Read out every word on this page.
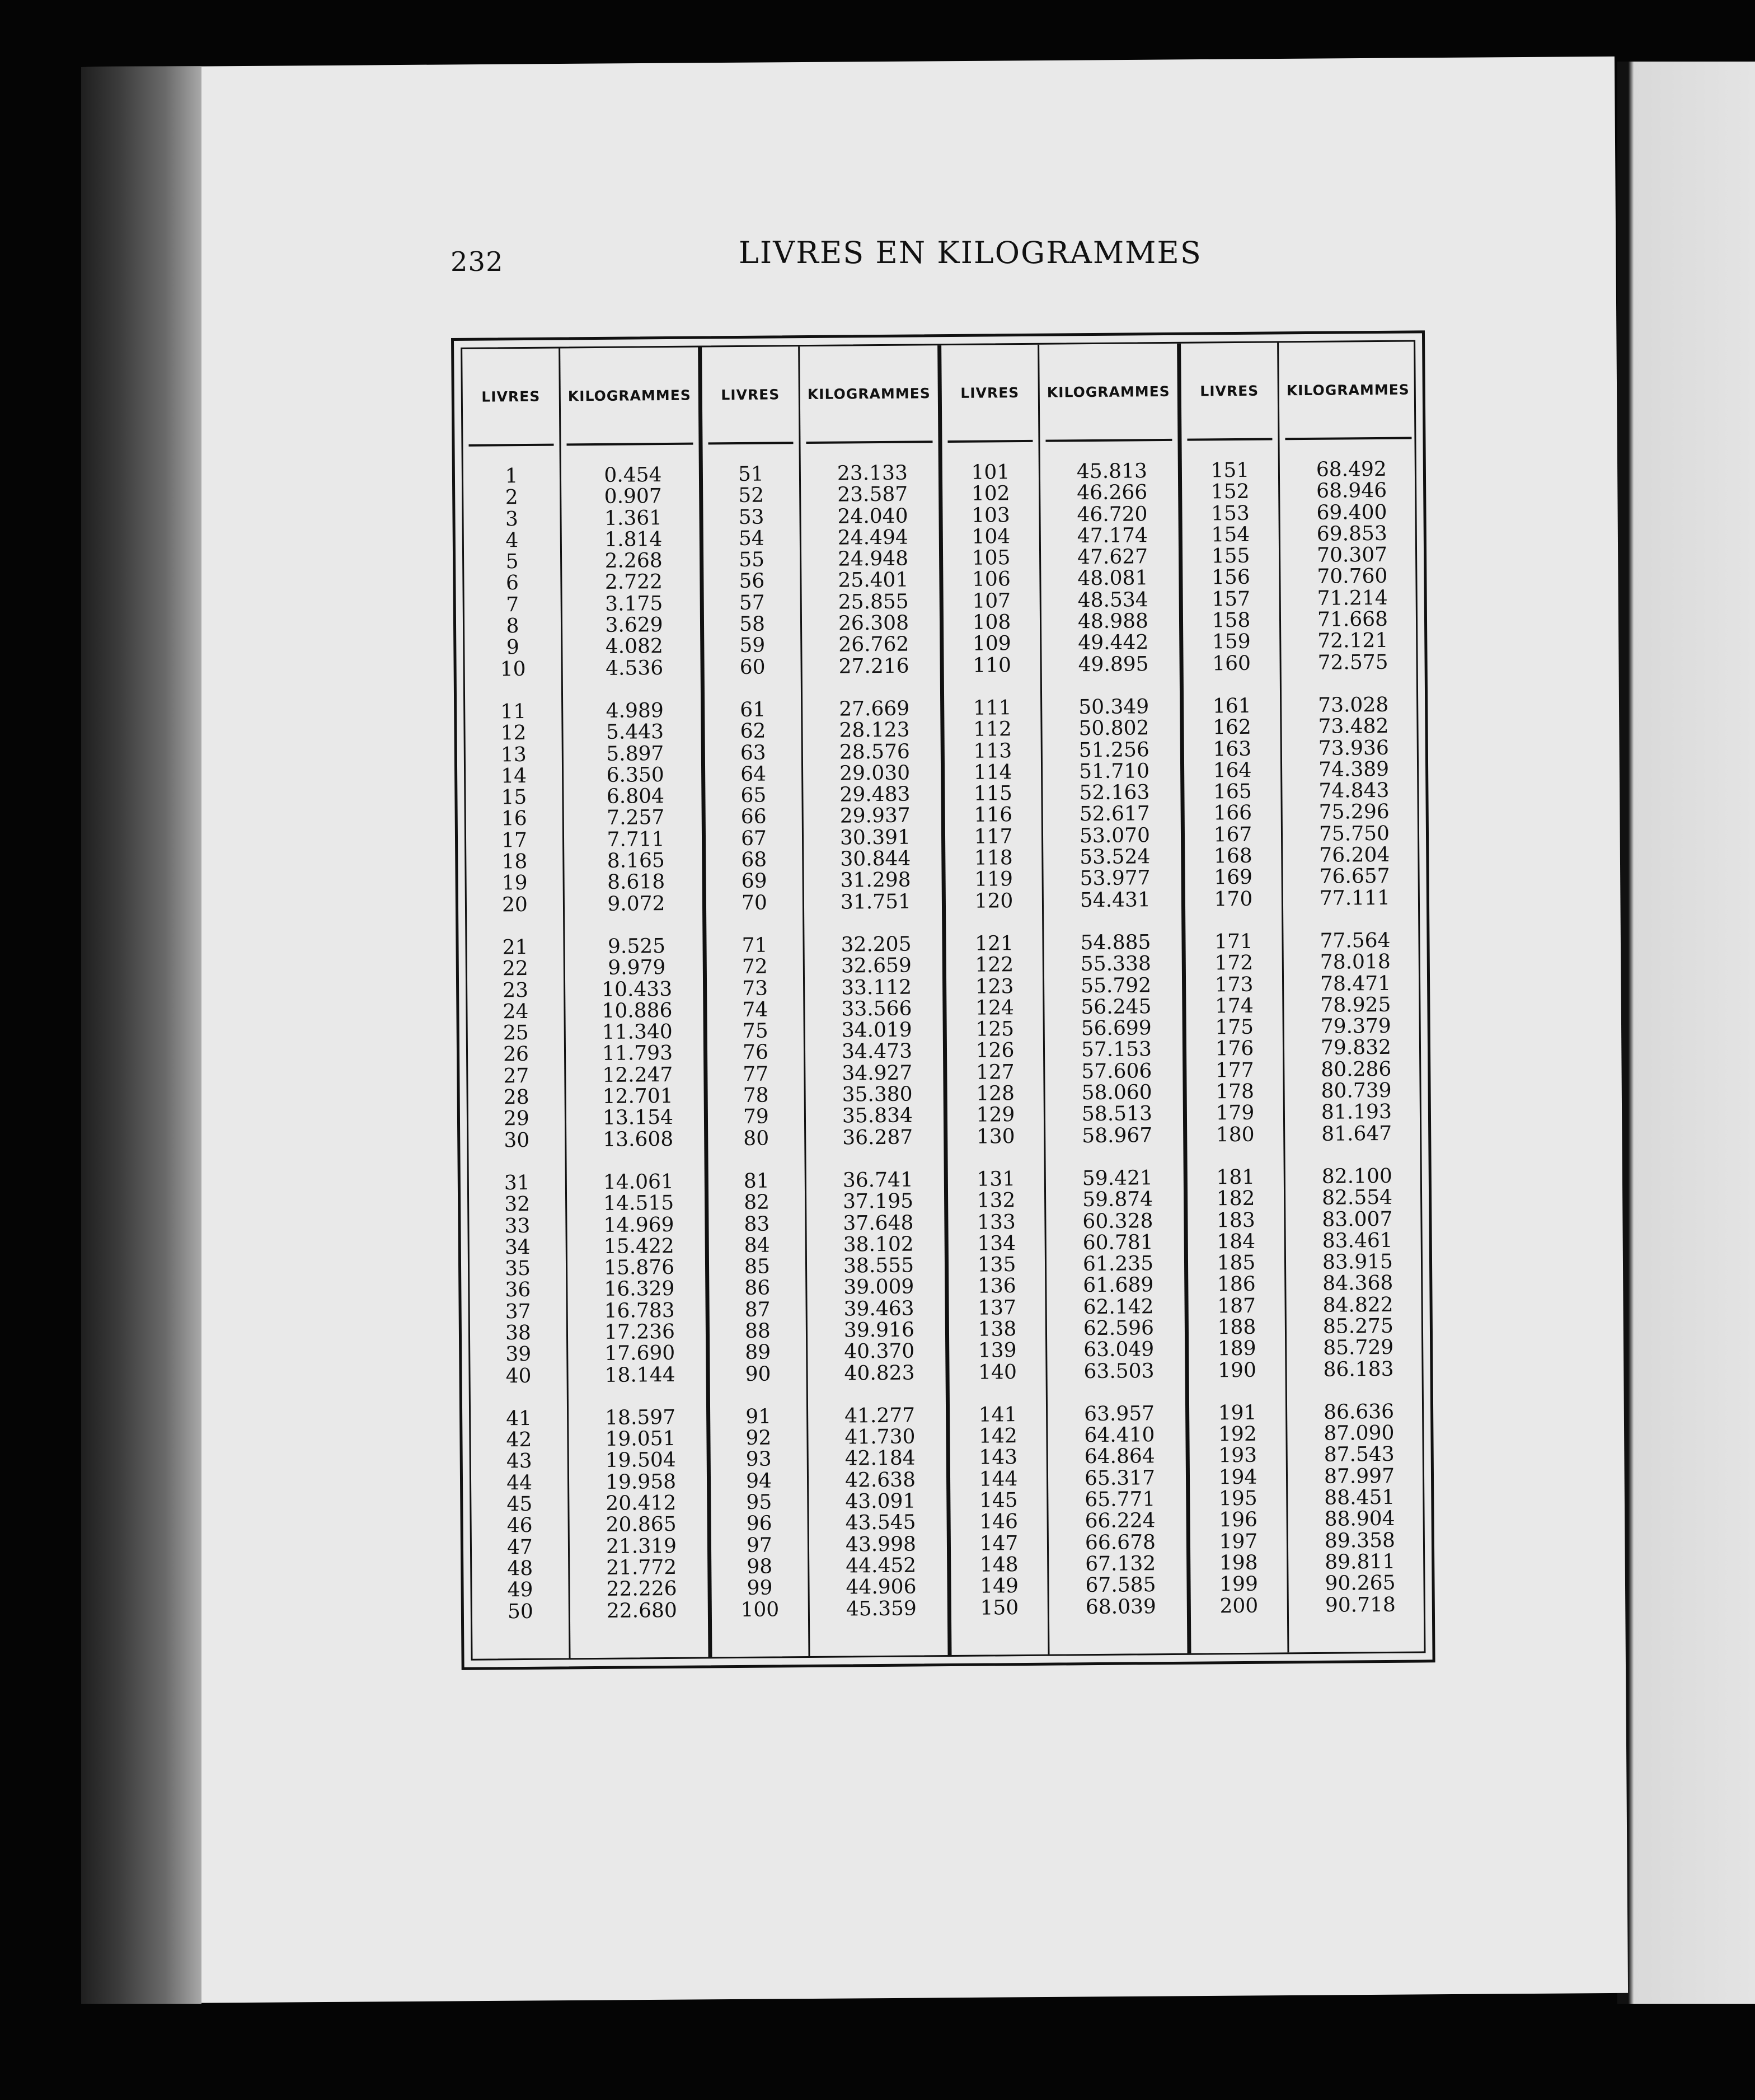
232	LIVRES EN KILOGRAMMES
LIVRES
1
2
3
4
5
6
7
8
9
10
11
12
13
14
15
16
17
18
19
20
21
22
23
24
25
26
27
28
29
30
31
32
33
34
35
36
37
38
39
40
41
42
43
44
45
46
47
48
49
50
KILOGRAMMES
0.454
0.907
1.361
1.814
2.268
2.722
3.175
3.629
4.082
4.536
4.989
5.443
5.897
6.350
6.804
7.257
7.711
8.165
8.618
9.072
9.525
9.979
10.433
10.886
11.340
11.793
12.247
12.701
13.154
13.608
14.061
14.515
14.969
15.422
15.876
16.329
16.783
17.236
17.690
18.144
18.597
19.051
19.504
19.958
20.412
20.865
21.319
21.772
22.226
22.680
LIVRES
51
52
53
54
55
56
57
58
59
60
61
62
63
64
65
66
67
68
69
70
71
72
73
74
75
76
77
78
79
80
81
82
83
84
85
86
87
88
89
90
91
92
93
94
95
96
97
98
99
100
KILOGRAMMES
23.133
23.587
24.040
24.494
24.948
25.401
25.855
26.308
26.762
27.216
27.669
28.123
28.576
29.030
29.483
29.937
30.391
30.844
31.298
31.751
32.205
32.659
33.112
33.566
34.019
34.473
34.927
35.380
35.834
36.287
36.741
37.195
37.648
38.102
38.555
39.009
39.463
39.916
40.370
40.823
41.277
41.730
42.184
42.638
43.091
43.545
43.998
44.452
44.906
45.359
LIVRES
101
102
103
104
105
106
107
108
109
110
111
112
113
114
115
116
117
118
119
120
121
122
123
124
125
126
127
128
129
130
131
132
133
134
135
136
137
138
139
140
141
142
143
144
145
146
147
148
149
150
KILOGRAMMES
45.813
46.266
46.720
47.174
47.627
48.081
48.534
48.988
49.442
49.895
50.349
50.802
51.256
51.710
52.163
52.617
53.070
53.524
53.977
54.431
54.885
55.338
55.792
56.245
56.699
57.153
57.606
58.060
58.513
58.967
59.421
59.874
60.328
60.781
61.235
61.689
62.142
62.596
63.049
63.503
63.957
64.410
64.864
65.317
65.771
66.224
66.678
67.132
67.585
68.039
LIVRES
151
152
153
154
155
156
157
158
159
160
161
162
163
164
165
166
167
168
169
170
171
172
173
174
175
176
177
178
179
180
181
182
183
184
185
186
187
188
189
190
191
192
193
194
195
196
197
198
199
200
KILOGRAMMES
68.492
68.946
69.400
69.853
70.307
70.760
71.214
71.668
72.121
72.575
73.028
73.482
73.936
74.389
74.843
75.296
75.750
76.204
76.657
77.111
77.564
78.018
78.471
78.925
79.379
79.832
80.286
80.739
81.193
81.647
82.100
82.554
83.007
83.461
83.915
84.368
84.822
85.275
85.729
86.183
86.636
87.090
87.543
87.997
88.451
88.904
89.358
89.811
90.265
90.718
